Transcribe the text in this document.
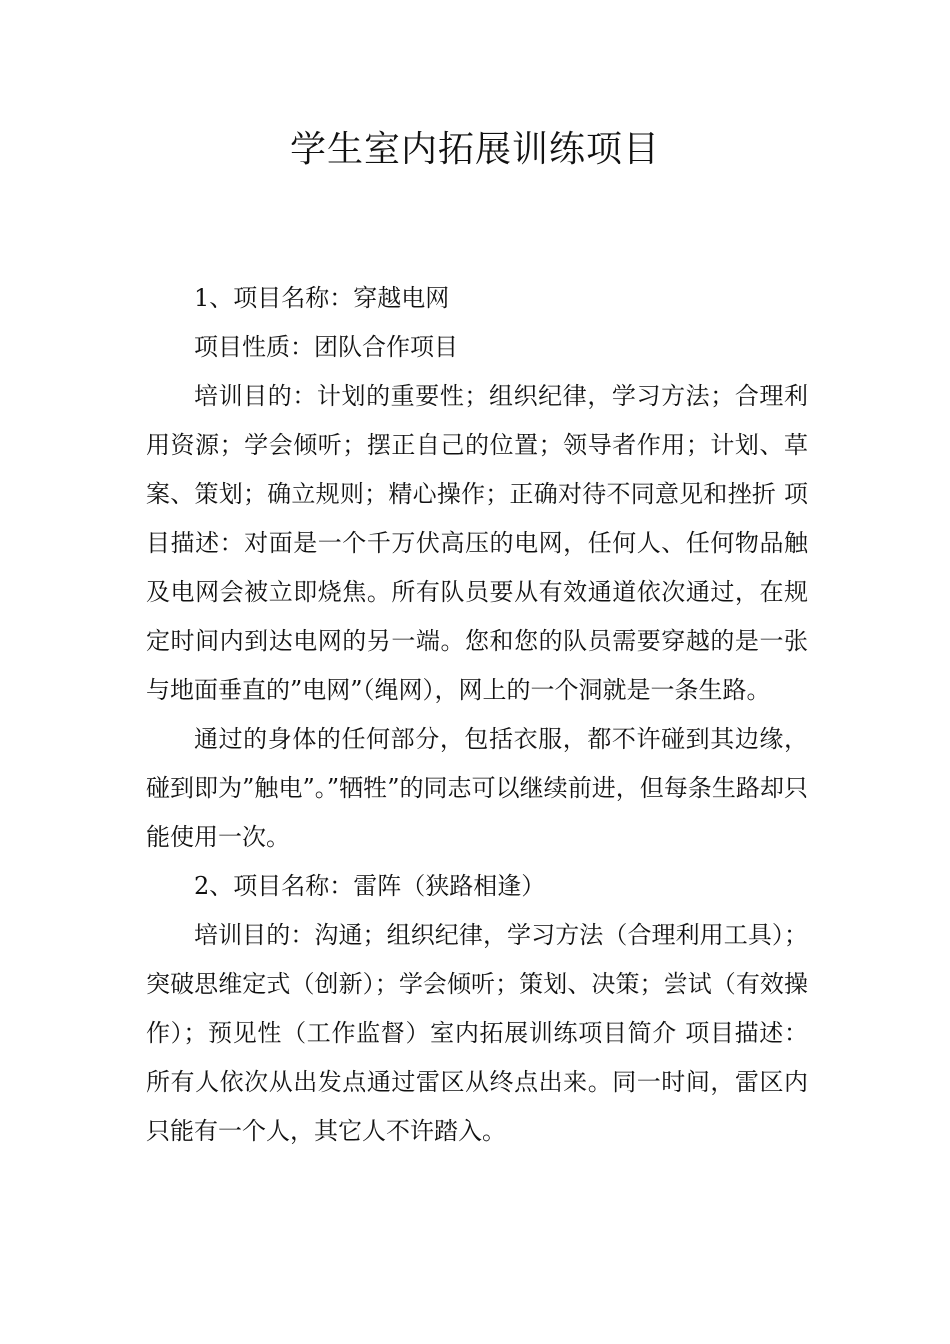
学生室内拓展训练项目

1、项目名称：穿越电网

项目性质：团队合作项目

培训目的：计划的重要性；组织纪律，学习方法；合理利用资源；学会倾听；摆正自己的位置；领导者作用；计划、草案、策划；确立规则；精心操作；正确对待不同意见和挫折 项目描述：对面是一个千万伏高压的电网，任何人、任何物品触及电网会被立即烧焦。所有队员要从有效通道依次通过，在规定时间内到达电网的另一端。您和您的队员需要穿越的是一张与地面垂直的”电网”（绳网），网上的一个洞就是一条生路。

通过的身体的任何部分，包括衣服，都不许碰到其边缘，碰到即为”触电”。”牺牲”的同志可以继续前进，但每条生路却只能使用一次。

2、项目名称：雷阵（狭路相逢）

培训目的：沟通；组织纪律，学习方法（合理利用工具）；突破思维定式（创新）；学会倾听；策划、决策；尝试（有效操作）；预见性（工作监督）室内拓展训练项目简介 项目描述：所有人依次从出发点通过雷区从终点出来。同一时间，雷区内只能有一个人，其它人不许踏入。
